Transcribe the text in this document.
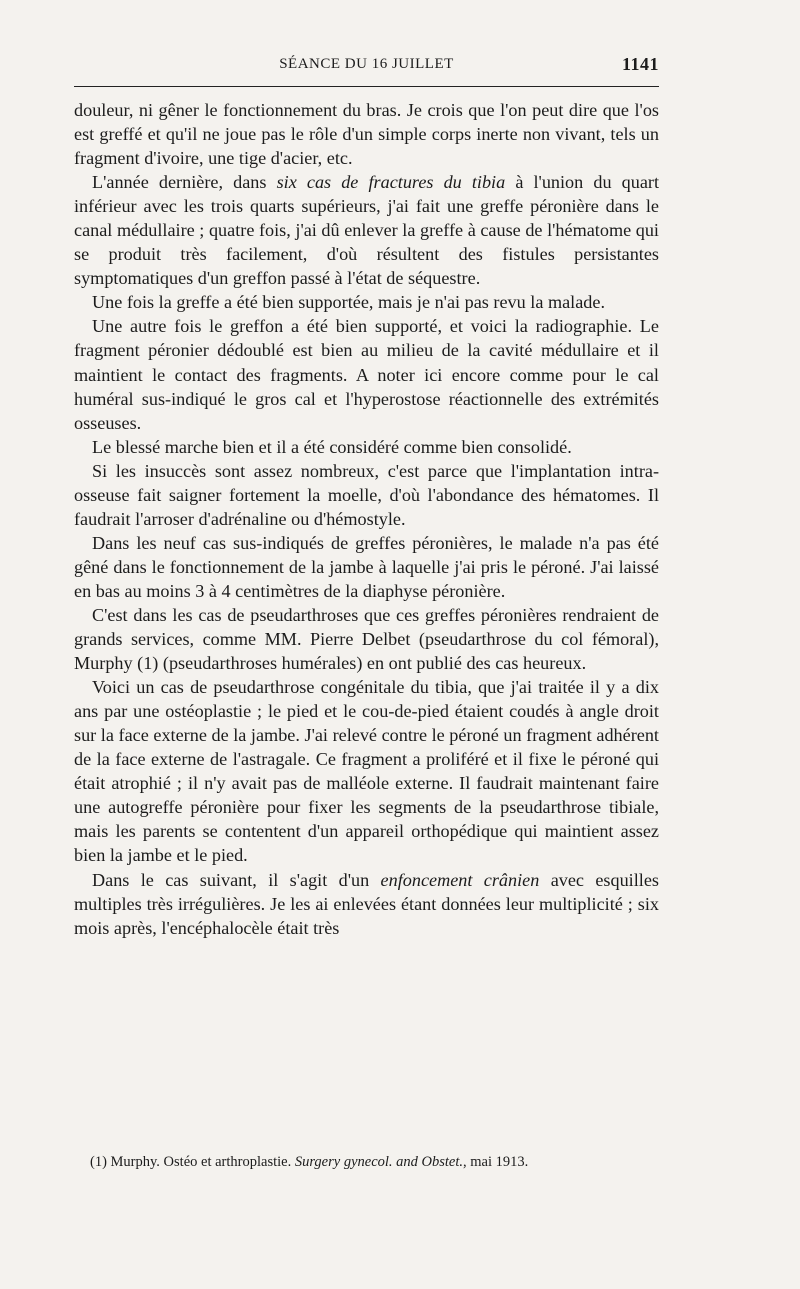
SÉANCE DU 16 JUILLET	1141

douleur, ni gêner le fonctionnement du bras. Je crois que l'on peut dire que l'os est greffé et qu'il ne joue pas le rôle d'un simple corps inerte non vivant, tels un fragment d'ivoire, une tige d'acier, etc.

L'année dernière, dans six cas de fractures du tibia à l'union du quart inférieur avec les trois quarts supérieurs, j'ai fait une greffe péronière dans le canal médullaire ; quatre fois, j'ai dû enlever la greffe à cause de l'hématome qui se produit très facilement, d'où résultent des fistules persistantes symptomatiques d'un greffon passé à l'état de séquestre.

Une fois la greffe a été bien supportée, mais je n'ai pas revu la malade.

Une autre fois le greffon a été bien supporté, et voici la radiographie. Le fragment péronier dédoublé est bien au milieu de la cavité médullaire et il maintient le contact des fragments. A noter ici encore comme pour le cal huméral sus-indiqué le gros cal et l'hyperostose réactionnelle des extrémités osseuses.

Le blessé marche bien et il a été considéré comme bien consolidé.

Si les insuccès sont assez nombreux, c'est parce que l'implantation intra-osseuse fait saigner fortement la moelle, d'où l'abondance des hématomes. Il faudrait l'arroser d'adrénaline ou d'hémostyle.

Dans les neuf cas sus-indiqués de greffes péronières, le malade n'a pas été gêné dans le fonctionnement de la jambe à laquelle j'ai pris le péroné. J'ai laissé en bas au moins 3 à 4 centimètres de la diaphyse péronière.

C'est dans les cas de pseudarthroses que ces greffes péronières rendraient de grands services, comme MM. Pierre Delbet (pseudarthrose du col fémoral), Murphy (1) (pseudarthroses humérales) en ont publié des cas heureux.

Voici un cas de pseudarthrose congénitale du tibia, que j'ai traitée il y a dix ans par une ostéoplastie ; le pied et le cou-de-pied étaient coudés à angle droit sur la face externe de la jambe. J'ai relevé contre le péroné un fragment adhérent de la face externe de l'astragale. Ce fragment a proliféré et il fixe le péroné qui était atrophié ; il n'y avait pas de malléole externe. Il faudrait maintenant faire une autogreffe péronière pour fixer les segments de la pseudarthrose tibiale, mais les parents se contentent d'un appareil orthopédique qui maintient assez bien la jambe et le pied.

Dans le cas suivant, il s'agit d'un enfoncement crânien avec esquilles multiples très irrégulières. Je les ai enlevées étant données leur multiplicité ; six mois après, l'encéphalocèle était très

(1) Murphy. Ostéo et arthroplastie. Surgery gynecol. and Obstet., mai 1913.
